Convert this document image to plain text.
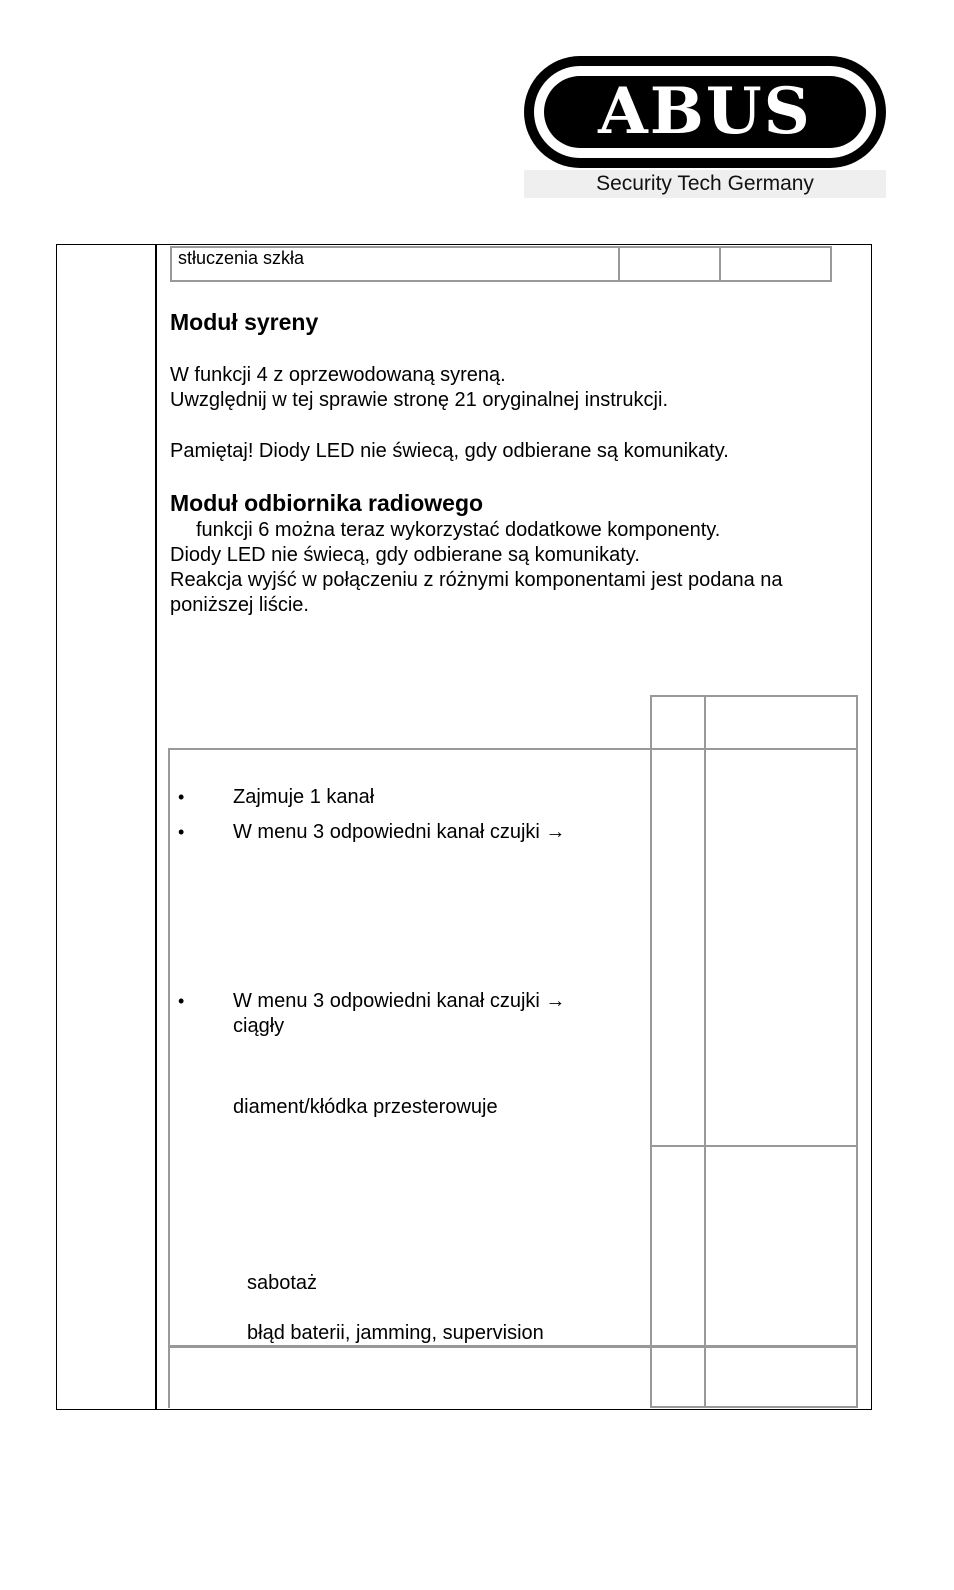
ABUS
Security Tech Germany
stłuczenia szkła
Moduł syreny
W funkcji 4 z oprzewodowaną syreną.
Uwzględnij w tej sprawie stronę 21 oryginalnej instrukcji.
Pamiętaj! Diody LED nie świecą, gdy odbierane są komunikaty.
Moduł odbiornika radiowego
funkcji 6 można teraz wykorzystać dodatkowe komponenty.
Diody LED nie świecą, gdy odbierane są komunikaty.
Reakcja wyjść w połączeniu z różnymi komponentami jest podana na
poniższej liście.
• Zajmuje 1 kanał
• W menu 3 odpowiedni kanał czujki →
• W menu 3 odpowiedni kanał czujki →
ciągły
diament/kłódka przesterowuje
sabotaż
błąd baterii, jamming, supervision
